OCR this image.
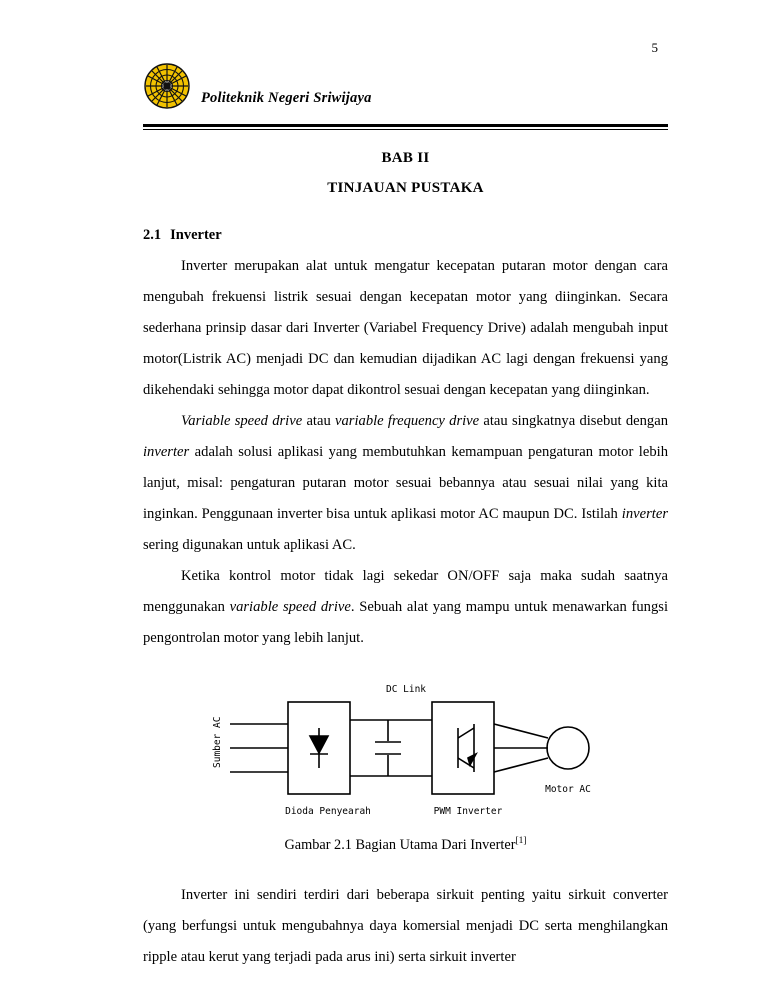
5
Politeknik Negeri Sriwijaya

BAB II

TINJAUAN PUSTAKA

2.1 Inverter

Inverter merupakan alat untuk mengatur kecepatan putaran motor dengan cara mengubah frekuensi listrik sesuai dengan kecepatan motor yang diinginkan. Secara sederhana prinsip dasar dari Inverter (Variabel Frequency Drive) adalah mengubah input motor(Listrik AC) menjadi DC dan kemudian dijadikan AC lagi dengan frekuensi yang dikehendaki sehingga motor dapat dikontrol sesuai dengan kecepatan yang diinginkan.

Variable speed drive atau variable frequency drive atau singkatnya disebut dengan inverter adalah solusi aplikasi yang membutuhkan kemampuan pengaturan motor lebih lanjut, misal: pengaturan putaran motor sesuai bebannya atau sesuai nilai yang kita inginkan. Penggunaan inverter bisa untuk aplikasi motor AC maupun DC. Istilah inverter sering digunakan untuk aplikasi AC.

Ketika kontrol motor tidak lagi sekedar ON/OFF saja maka sudah saatnya menggunakan variable speed drive. Sebuah alat yang mampu untuk menawarkan fungsi pengontrolan motor yang lebih lanjut.

DC Link
Dioda Penyearah	PWM Inverter
Motor AC
Sumber AC
Gambar 2.1 Bagian Utama Dari Inverter[1]

Inverter ini sendiri terdiri dari beberapa sirkuit penting yaitu sirkuit converter (yang berfungsi untuk mengubahnya daya komersial menjadi DC serta menghilangkan ripple atau kerut yang terjadi pada arus ini) serta sirkuit inverter
